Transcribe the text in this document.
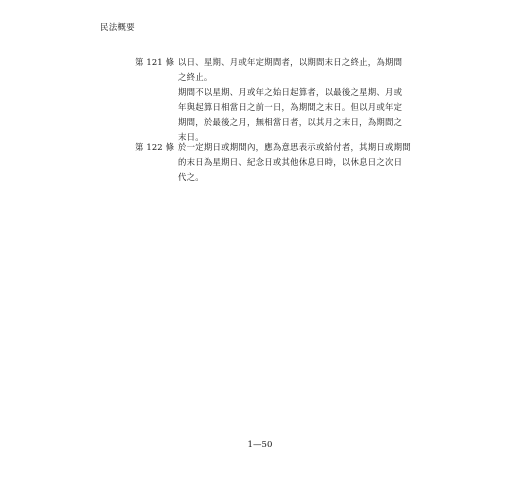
民法概要
第 121 條 以日、星期、月或年定期間者，以期間末日之終止，為期間
之終止。
期間不以星期、月或年之始日起算者，以最後之星期、月或
年與起算日相當日之前一日，為期間之末日。但以月或年定
期間，於最後之月，無相當日者，以其月之末日，為期間之
末日。
第 122 條 於一定期日或期間內，應為意思表示或給付者，其期日或期間
的末日為星期日、紀念日或其他休息日時，以休息日之次日
代之。
1—50
